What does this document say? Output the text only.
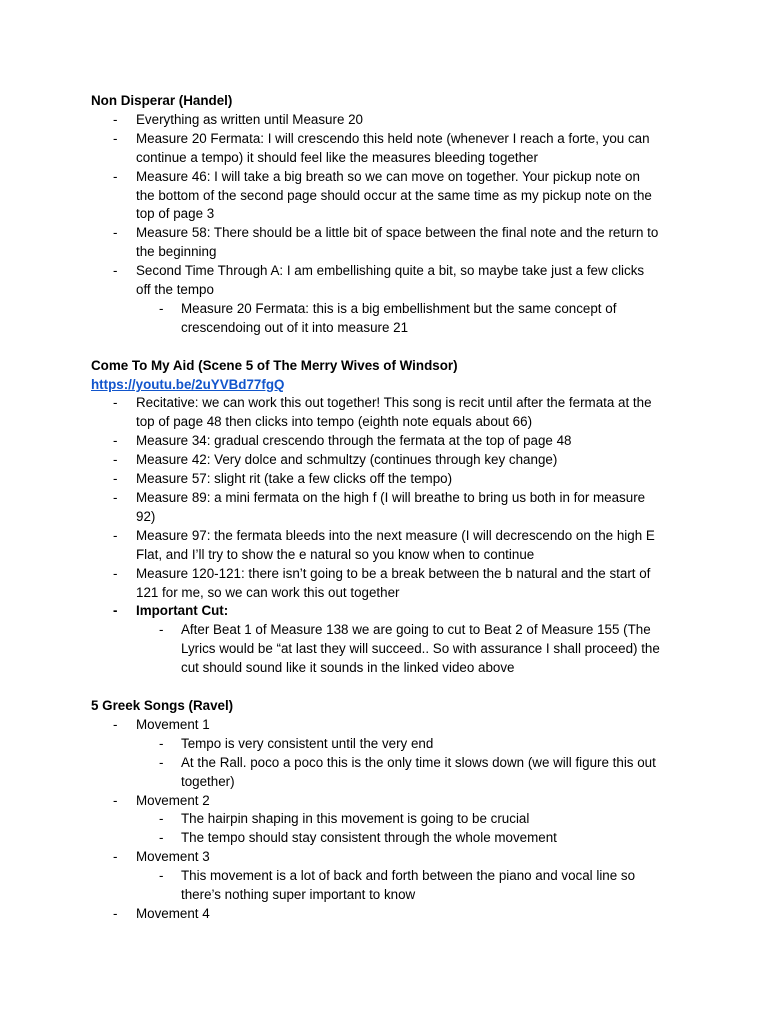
Non Disperar (Handel)
- Everything as written until Measure 20
- Measure 20 Fermata: I will crescendo this held note (whenever I reach a forte, you can
continue a tempo) it should feel like the measures bleeding together
- Measure 46: I will take a big breath so we can move on together. Your pickup note on
the bottom of the second page should occur at the same time as my pickup note on the
top of page 3
- Measure 58: There should be a little bit of space between the final note and the return to
the beginning
- Second Time Through A: I am embellishing quite a bit, so maybe take just a few clicks
off the tempo
- Measure 20 Fermata: this is a big embellishment but the same concept of
crescendoing out of it into measure 21
Come To My Aid (Scene 5 of The Merry Wives of Windsor)
https://youtu.be/2uYVBd77fgQ
- Recitative: we can work this out together! This song is recit until after the fermata at the
top of page 48 then clicks into tempo (eighth note equals about 66)
- Measure 34: gradual crescendo through the fermata at the top of page 48
- Measure 42: Very dolce and schmultzy (continues through key change)
- Measure 57: slight rit (take a few clicks off the tempo)
- Measure 89: a mini fermata on the high f (I will breathe to bring us both in for measure
92)
- Measure 97: the fermata bleeds into the next measure (I will decrescendo on the high E
Flat, and I’ll try to show the e natural so you know when to continue
- Measure 120-121: there isn’t going to be a break between the b natural and the start of
121 for me, so we can work this out together
- Important Cut:
- After Beat 1 of Measure 138 we are going to cut to Beat 2 of Measure 155 (The
Lyrics would be “at last they will succeed.. So with assurance I shall proceed) the
cut should sound like it sounds in the linked video above
5 Greek Songs (Ravel)
- Movement 1
- Tempo is very consistent until the very end
- At the Rall. poco a poco this is the only time it slows down (we will figure this out
together)
- Movement 2
- The hairpin shaping in this movement is going to be crucial
- The tempo should stay consistent through the whole movement
- Movement 3
- This movement is a lot of back and forth between the piano and vocal line so
there’s nothing super important to know
- Movement 4
